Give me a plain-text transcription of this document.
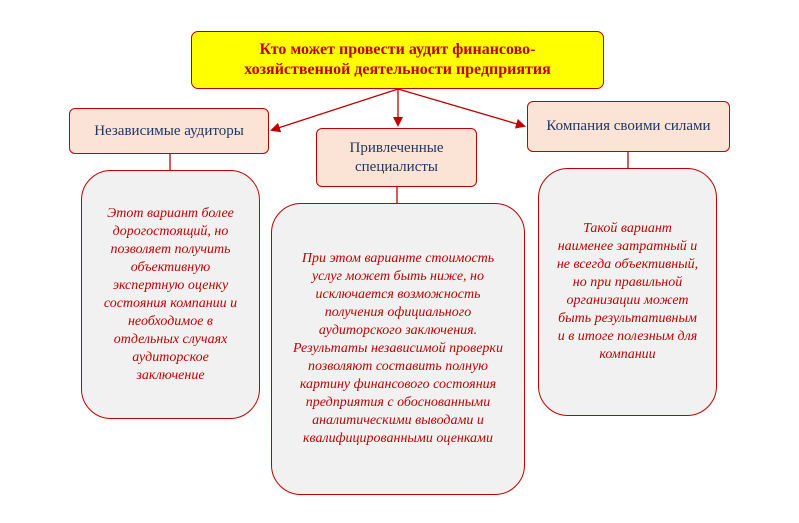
Кто может провести аудит финансово-хозяйственной деятельности предприятия
Независимые аудиторы
Привлеченные специалисты
Компания своими силами
Этот вариант более дорогостоящий, но позволяет получить объективную экспертную оценку состояния компании и необходимое в отдельных случаях аудиторское заключение
При этом варианте стоимость услуг может быть ниже, но исключается возможность получения официального аудиторского заключения. Результаты независимой проверки позволяют составить полную картину финансового состояния предприятия с обоснованными аналитическими выводами и квалифицированными оценками
Такой вариант наименее затратный и не всегда объективный, но при правильной организации может быть результативным и в итоге полезным для компании
